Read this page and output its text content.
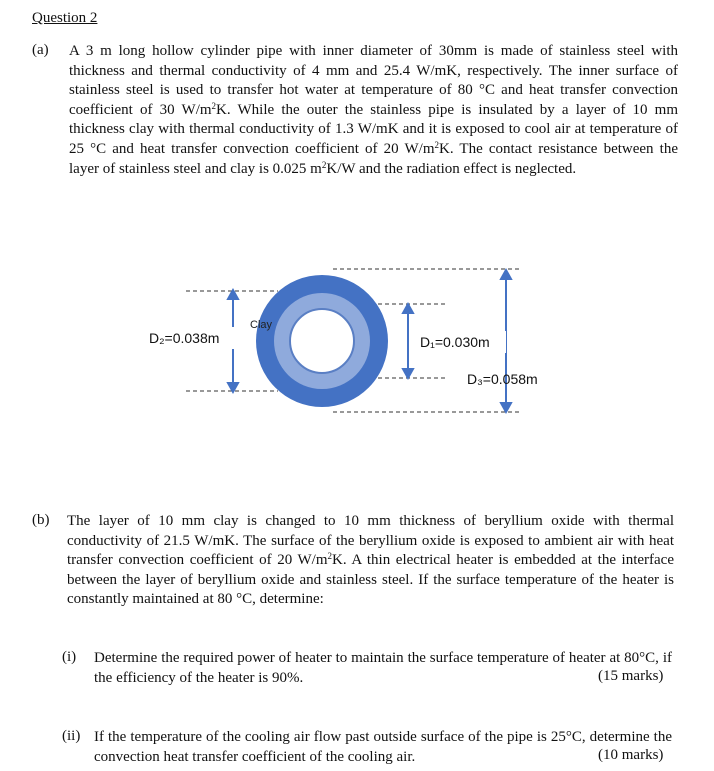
Question 2
(a) A 3 m long hollow cylinder pipe with inner diameter of 30mm is made of stainless steel with thickness and thermal conductivity of 4 mm and 25.4 W/mK, respectively. The inner surface of stainless steel is used to transfer hot water at temperature of 80 °C and heat transfer convection coefficient of 30 $W/m^2K$. While the outer the stainless pipe is insulated by a layer of 10 mm thickness clay with thermal conductivity of 1.3 W/mK and it is exposed to cool air at temperature of 25 °C and heat transfer convection coefficient of 20 $W/m^2K$. The contact resistance between the layer of stainless steel and clay is 0.025 $m^2K/W$ and the radiation effect is neglected.
Clay
D₂=0.038m	D₁=0.030m
D₃=0.058m
(b) The layer of 10 mm clay is changed to 10 mm thickness of beryllium oxide with thermal conductivity of 21.5 W/mK. The surface of the beryllium oxide is exposed to ambient air with heat transfer convection coefficient of 20 $W/m^2K$. A thin electrical heater is embedded at the interface between the layer of beryllium oxide and stainless steel. If the surface temperature of the heater is constantly maintained at 80 °C, determine:
(i) Determine the required power of heater to maintain the surface temperature of heater at 80°C, if the efficiency of the heater is 90%.	(15 marks)
(ii) If the temperature of the cooling air flow past outside surface of the pipe is 25°C, determine the convection heat transfer coefficient of the cooling air.	(10 marks)
